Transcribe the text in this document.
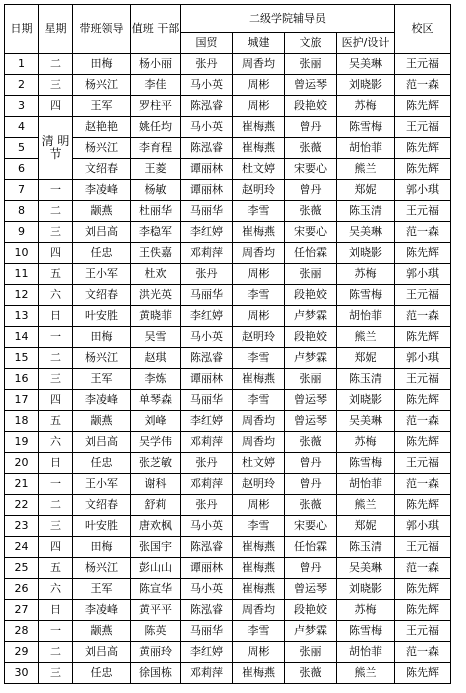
日期	星期	带班领导	值班 干部	二级学院辅导员				校区
				国贸	城建	文旅	医护/设计	
1	二	田梅	杨小丽	张丹	周香均	张丽	吴美琳	王元福
2	三	杨兴江	李佳	马小英	周彬	曾运琴	刘晓影	范一森
3	四	王军	罗柱平	陈泓睿	周彬	段艳姣	苏梅	陈先辉
4	清 明 节	赵艳艳	姚任均	马小英	崔梅燕	曾丹	陈雪梅	王元福
5		杨兴江	李育程	陈泓睿	崔梅燕	张薇	胡怡菲	陈先辉
6		文绍春	王菱	谭丽林	杜文婷	宋要心	熊兰	陈先辉
7	一	李凌峰	杨敏	谭丽林	赵明玲	曾丹	郑妮	郭小琪
8	二	颛燕	杜丽华	马丽华	李雪	张薇	陈玉清	王元福
9	三	刘吕高	李稳军	李红婷	崔梅燕	宋要心	吴美琳	范一森
10	四	任忠	王佚嘉	邓莉萍	周香均	任怡霖	刘晓影	陈先辉
11	五	王小军	杜欢	张丹	周彬	张丽	苏梅	郭小琪
12	六	文绍春	洪光英	马丽华	李雪	段艳姣	陈雪梅	王元福
13	日	叶安胜	黄晓菲	李红婷	周彬	卢梦霖	胡怡菲	范一森
14	一	田梅	吴雪	马小英	赵明玲	段艳姣	熊兰	陈先辉
15	二	杨兴江	赵琪	陈泓睿	李雪	卢梦霖	郑妮	郭小琪
16	三	王军	李炼	谭丽林	崔梅燕	张丽	陈玉清	王元福
17	四	李凌峰	单琴森	马丽华	李雪	曾运琴	刘晓影	陈先辉
18	五	颛燕	刘峰	李红婷	周香均	曾运琴	吴美琳	范一森
19	六	刘吕高	吴学伟	邓莉萍	周香均	张薇	苏梅	陈先辉
20	日	任忠	张芝敏	张丹	杜文婷	曾丹	陈雪梅	王元福
21	一	王小军	谢科	邓莉萍	赵明玲	曾丹	胡怡菲	范一森
22	二	文绍春	舒莉	张丹	周彬	张薇	熊兰	陈先辉
23	三	叶安胜	唐欢枫	马小英	李雪	宋要心	郑妮	郭小琪
24	四	田梅	张国宇	陈泓睿	崔梅燕	任怡霖	陈玉清	王元福
25	五	杨兴江	彭山山	谭丽林	崔梅燕	曾丹	吴美琳	范一森
26	六	王军	陈宣华	马小英	崔梅燕	曾运琴	刘晓影	陈先辉
27	日	李凌峰	黄平平	陈泓睿	周香均	段艳姣	苏梅	陈先辉
28	一	颛燕	陈英	马丽华	李雪	卢梦霖	陈雪梅	王元福
29	二	刘吕高	黄丽玲	李红婷	周彬	张丽	胡怡菲	范一森
30	三	任忠	徐国栋	邓莉萍	崔梅燕	张薇	熊兰	陈先辉
